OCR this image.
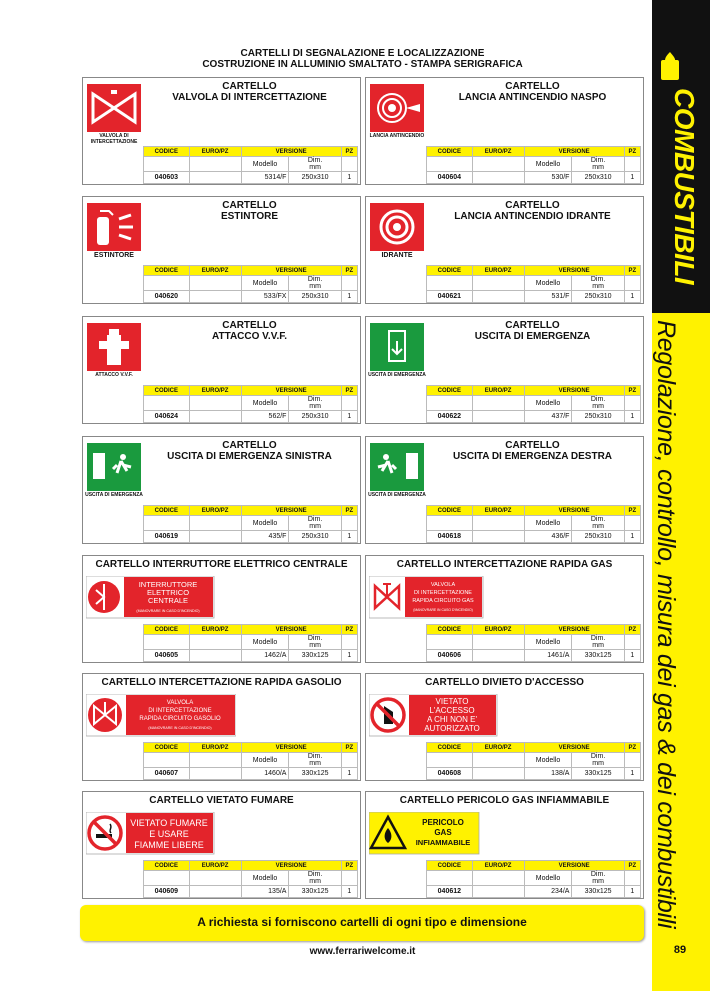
COMBUSTIBILI
Regolazione, controllo, misura dei gas & dei combustibili
89
CARTELLI DI SEGNALAZIONE E LOCALIZZAZIONE
COSTRUZIONE IN ALLUMINIO SMALTATO - STAMPA SERIGRAFICA
VALVOLA DI INTERCETTAZIONE
CARTELLO
VALVOLA DI INTERCETTAZIONE
CODICE	EURO/PZ	VERSIONE		PZ
		Modello	Dim.
mm	
040603		5314/F	250x310	1
LANCIA ANTINCENDIO
CARTELLO
LANCIA ANTINCENDIO NASPO
CODICE	EURO/PZ	VERSIONE		PZ
		Modello	Dim.
mm	
040604		530/F	250x310	1
ESTINTORE
CARTELLO
ESTINTORE
CODICE	EURO/PZ	VERSIONE		PZ
		Modello	Dim.
mm	
040620		533/FX	250x310	1
IDRANTE
CARTELLO
LANCIA ANTINCENDIO IDRANTE
CODICE	EURO/PZ	VERSIONE		PZ
		Modello	Dim.
mm	
040621		531/F	250x310	1
ATTACCO V.V.F.
CARTELLO
ATTACCO V.V.F.
CODICE	EURO/PZ	VERSIONE		PZ
		Modello	Dim.
mm	
040624		562/F	250x310	1
USCITA DI EMERGENZA
CARTELLO
USCITA DI EMERGENZA
CODICE	EURO/PZ	VERSIONE		PZ
		Modello	Dim.
mm	
040622		437/F	250x310	1
USCITA DI EMERGENZA
CARTELLO
USCITA DI EMERGENZA SINISTRA
CODICE	EURO/PZ	VERSIONE		PZ
		Modello	Dim.
mm	
040619		435/F	250x310	1
USCITA DI EMERGENZA
CARTELLO
USCITA DI EMERGENZA DESTRA
CODICE	EURO/PZ	VERSIONE		PZ
		Modello	Dim.
mm	
040618		436/F	250x310	1
CARTELLO INTERRUTTORE ELETTRICO CENTRALE
INTERRUTTORE
ELETTRICO
CENTRALE
(MANOVRARE IN CASO D'INCENDIO)
CODICE	EURO/PZ	VERSIONE		PZ
		Modello	Dim.
mm	
040605		1462/A	330x125	1
CARTELLO INTERCETTAZIONE RAPIDA GAS
VALVOLA
DI INTERCETTAZIONE
RAPIDA CIRCUITO GAS
(MANOVRARE IN CASO D'INCENDIO)
CODICE	EURO/PZ	VERSIONE		PZ
		Modello	Dim.
mm	
040606		1461/A	330x125	1
CARTELLO INTERCETTAZIONE RAPIDA GASOLIO
VALVOLA
DI INTERCETTAZIONE
RAPIDA CIRCUITO GASOLIO
(MANOVRARE IN CASO D'INCENDIO)
CODICE	EURO/PZ	VERSIONE		PZ
		Modello	Dim.
mm	
040607		1460/A	330x125	1
CARTELLO DIVIETO D'ACCESSO
VIETATO
L'ACCESSO
A CHI NON E'
AUTORIZZATO
CODICE	EURO/PZ	VERSIONE		PZ
		Modello	Dim.
mm	
040608		138/A	330x125	1
CARTELLO VIETATO FUMARE
VIETATO FUMARE
E USARE
FIAMME LIBERE
CODICE	EURO/PZ	VERSIONE		PZ
		Modello	Dim.
mm	
040609		135/A	330x125	1
CARTELLO PERICOLO GAS INFIAMMABILE
PERICOLO
GAS
INFIAMMABILE
CODICE	EURO/PZ	VERSIONE		PZ
		Modello	Dim.
mm	
040612		234/A	330x125	1
A richiesta si forniscono cartelli di ogni tipo e dimensione
www.ferrariwelcome.it
